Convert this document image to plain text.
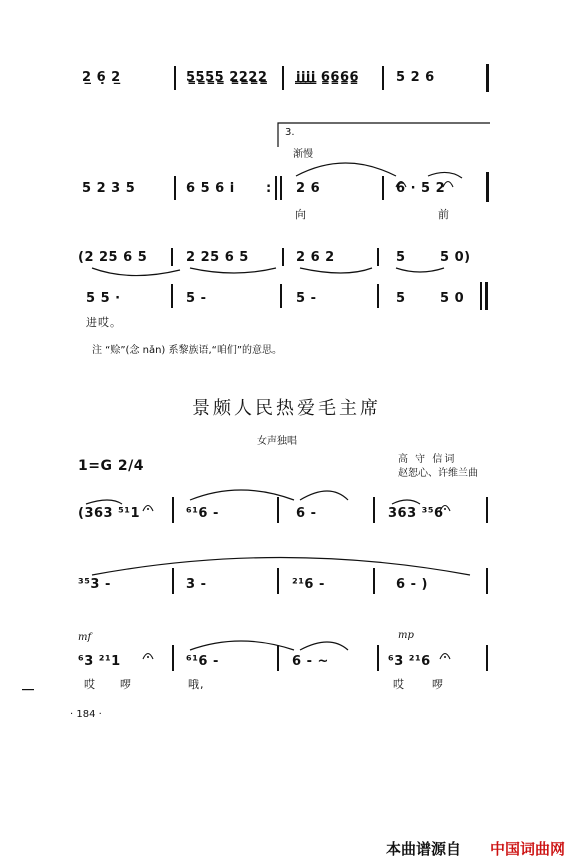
2̲ 6̣ 2̲	5̳5̳5̳5̳ 2̳2̳2̳2̳ i̳i̳i̳i̳ 6̳6̳6̳6̳	5 2 6
3.
渐慢
5 2 3 5	6 5 6 i : 2 6	6 · 5 2
向	前
(2 25 6 5	2 25 6 5	2 6 2	5	5 0)
5 5 ·	5 -	5 -	5	5 0
进哎。
注 “赊”(念 nǎn) 系黎族语,“咱们”的意思。
景颇人民热爱毛主席
女声独唱
1=G 2/4	高 守 信词
赵恕心、许维兰曲
(363 ⁵¹1	⁶¹6 -	6 -	363 ³⁵6
³⁵3 -	3 -	²¹6 -	6 - )
mf	mp
⁶3 ²¹1	⁶¹6 -	6 - ~	⁶3 ²¹6
哎 啰	哦,	哎 啰
· 184 ·
本曲谱源自 中国词曲网
